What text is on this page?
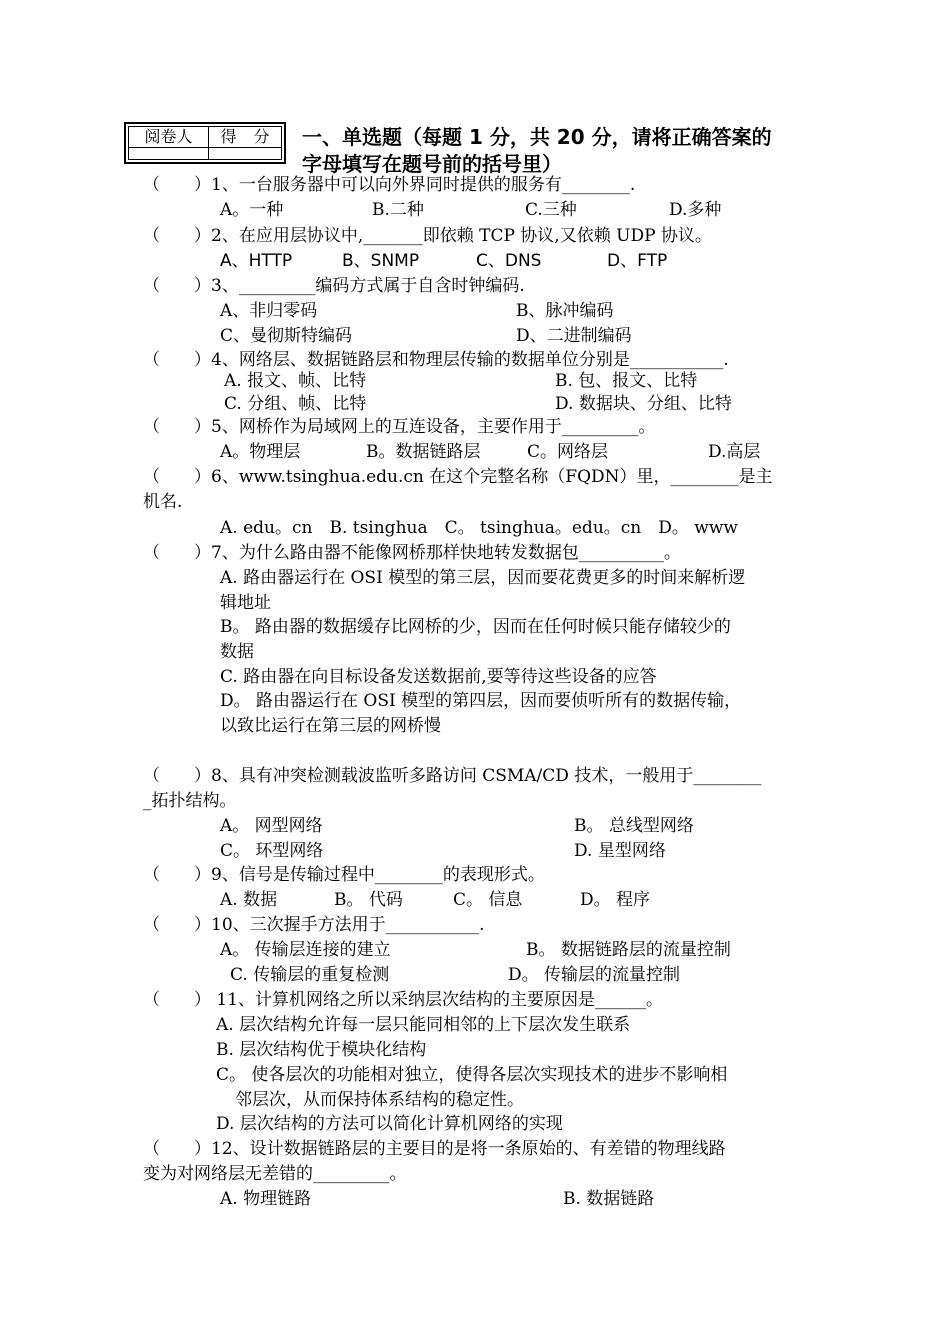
阅卷人	得 分	一、单选题（每题 1 分，共 20 分，请将正确答案的
字母填写在题号前的括号里）
（　　）1、一台服务器中可以向外界同时提供的服务有________.
A。一种	B.二种	C.三种	D.多种
（　　）2、在应用层协议中,_______即依赖 TCP 协议,又依赖 UDP 协议。
A、HTTP	B、SNMP	C、DNS	D、FTP
（　　）3、_________编码方式属于自含时钟编码.
A、非归零码	B、脉冲编码
C、曼彻斯特编码	D、二进制编码
（　　）4、网络层、数据链路层和物理层传输的数据单位分别是___________.
A. 报文、帧、比特	B. 包、报文、比特
C. 分组、帧、比特	D. 数据块、分组、比特
（　　）5、网桥作为局域网上的互连设备，主要作用于_________。
A。物理层	B。数据链路层	C。网络层	D.高层
（　　）6、www.tsinghua.edu.cn 在这个完整名称（FQDN）里，________是主
机名.
A. edu。cn　B. tsinghua　C。 tsinghua。edu。cn　D。 www
（　　）7、为什么路由器不能像网桥那样快地转发数据包__________。
A. 路由器运行在 OSI 模型的第三层，因而要花费更多的时间来解析逻
辑地址
B。 路由器的数据缓存比网桥的少，因而在任何时候只能存储较少的
数据
C. 路由器在向目标设备发送数据前,要等待这些设备的应答
D。 路由器运行在 OSI 模型的第四层，因而要侦听所有的数据传输，
以致比运行在第三层的网桥慢
（　　）8、具有冲突检测载波监听多路访问 CSMA/CD 技术，一般用于________
_拓扑结构。
A。 网型网络	B。 总线型网络
C。 环型网络	D. 星型网络
（　　）9、信号是传输过程中________的表现形式。
A. 数据	B。 代码	C。 信息	D。 程序
（　　）10、三次握手方法用于___________.
A。 传输层连接的建立	B。 数据链路层的流量控制
C. 传输层的重复检测	D。 传输层的流量控制
（　　） 11、计算机网络之所以采纳层次结构的主要原因是______。
A. 层次结构允许每一层只能同相邻的上下层次发生联系
B. 层次结构优于模块化结构
C。 使各层次的功能相对独立，使得各层次实现技术的进步不影响相
邻层次，从而保持体系结构的稳定性。
D. 层次结构的方法可以简化计算机网络的实现
（　　）12、设计数据链路层的主要目的是将一条原始的、有差错的物理线路
变为对网络层无差错的_________。
A. 物理链路	B. 数据链路
